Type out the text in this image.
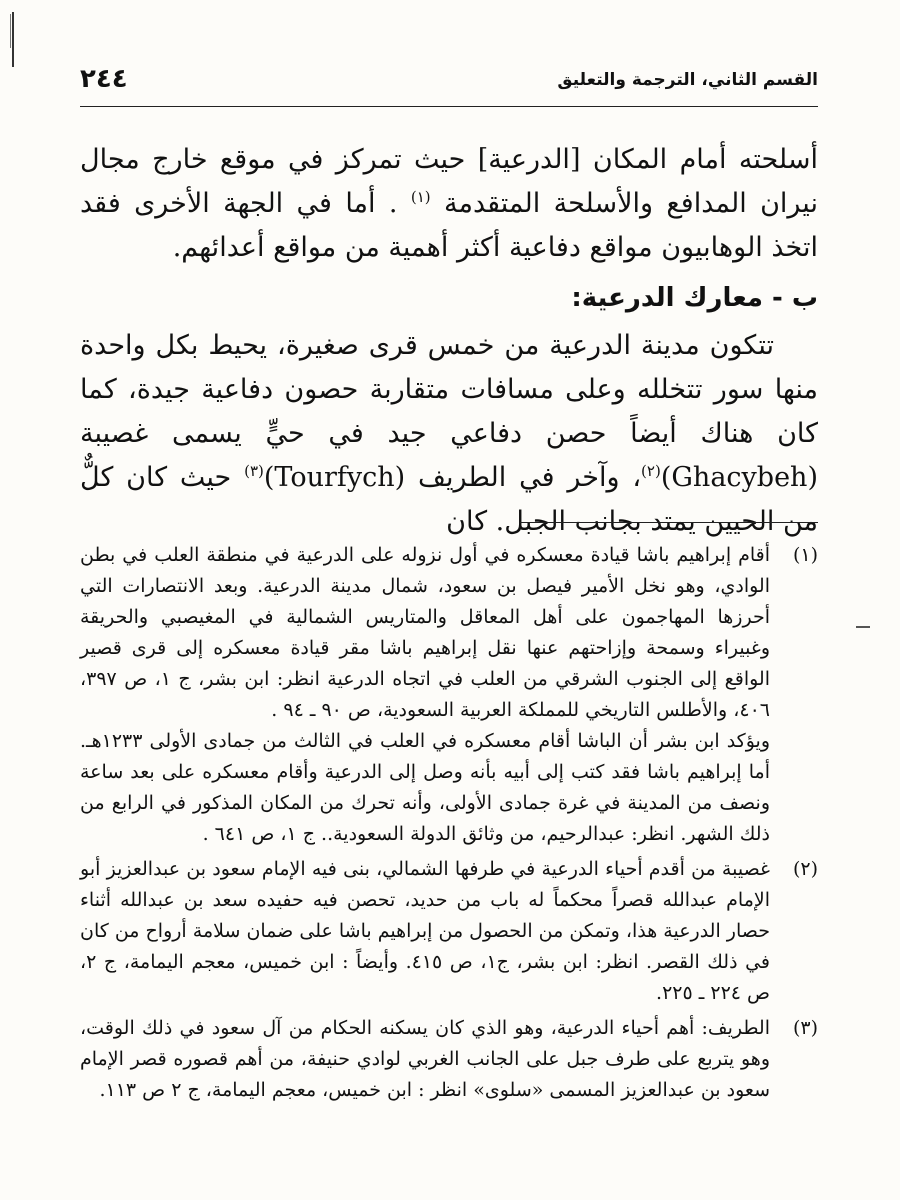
القسم الثاني، الترجمة والتعليق
٢٤٤

أسلحته أمام المكان [الدرعية] حيث تمركز في موقع خارج مجال نيران المدافع والأسلحة المتقدمة $^{(١)}$ . أما في الجهة الأخرى فقد اتخذ الوهابيون مواقع دفاعية أكثر أهمية من مواقع أعدائهم.

ب - معارك الدرعية:

تتكون مدينة الدرعية من خمس قرى صغيرة، يحيط بكل واحدة منها سور تتخلله وعلى مسافات متقاربة حصون دفاعية جيدة، كما كان هناك أيضاً حصن دفاعي جيد في حيٍّ يسمى غصيبة (Ghacybeh)$^{(٢)}$، وآخر في الطريف (Tourfych)$^{(٣)}$ حيث كان كلٌّ من الحيين يمتد بجانب الجبل. كان

(١)

أقام إبراهيم باشا قيادة معسكره في أول نزوله على الدرعية في منطقة العلب في بطن الوادي، وهو نخل الأمير فيصل بن سعود، شمال مدينة الدرعية. وبعد الانتصارات التي أحرزها المهاجمون على أهل المعاقل والمتاريس الشمالية في المغيصبي والحريقة وغبيراء وسمحة وإزاحتهم عنها نقل إبراهيم باشا مقر قيادة معسكره إلى قرى قصير الواقع إلى الجنوب الشرقي من العلب في اتجاه الدرعية انظر: ابن بشر، ج ١، ص ٣٩٧، ٤٠٦، والأطلس التاريخي للمملكة العربية السعودية، ص ٩٠ ـ ٩٤ .

ويؤكد ابن بشر أن الباشا أقام معسكره في العلب في الثالث من جمادى الأولى ١٢٣٣هـ. أما إبراهيم باشا فقد كتب إلى أبيه بأنه وصل إلى الدرعية وأقام معسكره على بعد ساعة ونصف من المدينة في غرة جمادى الأولى، وأنه تحرك من المكان المذكور في الرابع من ذلك الشهر. انظر: عبدالرحيم، من وثائق الدولة السعودية.. ج ١، ص ٦٤١ .

(٢)

غصيبة من أقدم أحياء الدرعية في طرفها الشمالي، بنى فيه الإمام سعود بن عبدالعزيز أبو الإمام عبدالله قصراً محكماً له باب من حديد، تحصن فيه حفيده سعد بن عبدالله أثناء حصار الدرعية هذا، وتمكن من الحصول من إبراهيم باشا على ضمان سلامة أرواح من كان في ذلك القصر. انظر: ابن بشر، ج١، ص ٤١٥. وأيضاً : ابن خميس، معجم اليمامة، ج ٢، ص ٢٢٤ ـ ٢٢٥.

(٣)

الطريف: أهم أحياء الدرعية، وهو الذي كان يسكنه الحكام من آل سعود في ذلك الوقت، وهو يتربع على طرف جبل على الجانب الغربي لوادي حنيفة، من أهم قصوره قصر الإمام سعود بن عبدالعزيز المسمى «سلوى» انظر : ابن خميس، معجم اليمامة، ج ٢ ص ١١٣.
